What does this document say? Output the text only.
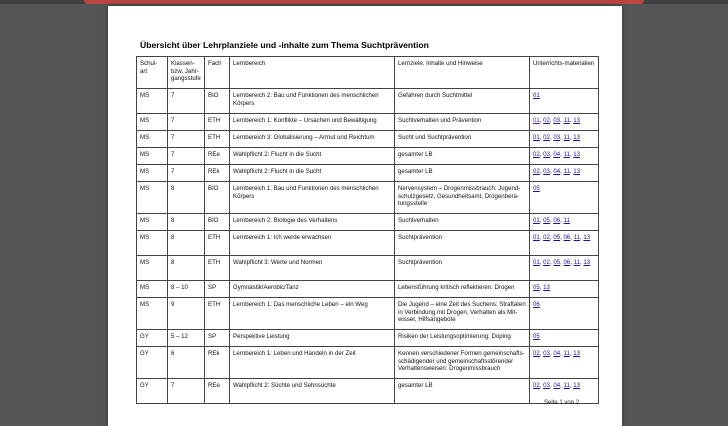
Übersicht über Lehrplanziele und -inhalte zum Thema Suchtprävention
Schul-art	Klassen-bzw. Jahr-gangsstufe	Fach	Lernbereich	Lernziele, Inhalte und Hinweise	Unterrichts-materialien
MS	7	BIO	Lernbereich 2: Bau und Funktionen des menschlichen Körpers	Gefahren durch Suchtmittel	01
MS	7	ETH	Lernbereich 1: Konflikte – Ursachen und Bewältigung	Suchtverhalten und Prävention	01, 02, 03, 11, 13
MS	7	ETH	Lernbereich 3: Globalisierung – Armut und Reichtum	Sucht und Suchtprävention	01, 02, 03, 11, 13
MS	7	REe	Wahlpflicht 2: Flucht in die Sucht	gesamter LB	02, 03, 04, 11, 13
MS	7	REk	Wahlpflicht 2: Flucht in die Sucht	gesamter LB	02, 03, 04, 11, 13
MS	8	BIO	Lernbereich 1: Bau und Funktionen des menschlichen Körpers	Nervensystem – Drogenmissbrauch: Jugend-schutzgesetz, Gesundheitsamt, Drogenbera-tungsstelle	05
MS	8	BIO	Lernbereich 2: Biologie des Verhaltens	Suchtverhalten	01, 05, 06, 11
MS	8	ETH	Lernbereich 1: Ich werde erwachsen	Suchtprävention	01, 02, 05, 06, 11, 13
MS	8	ETH	Wahlpflicht 3: Werte und Normen	Suchtprävention	01, 02, 05, 06, 11, 13
MS	8 – 10	SP	Gymnastik/Aerobic/Tanz	Lebensführung kritisch reflektieren: Drogen	05, 13
MS	9	ETH	Lernbereich 1: Das menschliche Leben – ein Weg	Die Jugend – eine Zeit des Suchens: Straftaten in Verbindung mit Drogen, Verhalten als Mit-wisser, Hilfsangebote	06
GY	5 – 12	SP	Perspektive Leistung	Risiken der Leistungsoptimierung: Doping	05
GY	6	REk	Lernbereich 1: Leben und Handeln in der Zeit	Kennen verschiedener Formen gemeinschafts-schädigender und gemeinschaftsstörender Verhaltensweisen: Drogenmissbrauch	02, 03, 04, 11, 13
GY	7	REe	Wahlpflicht 2: Süchte und Sehnsüchte	gesamter LB	02, 03, 04, 11, 13
Seite 1 von 2
